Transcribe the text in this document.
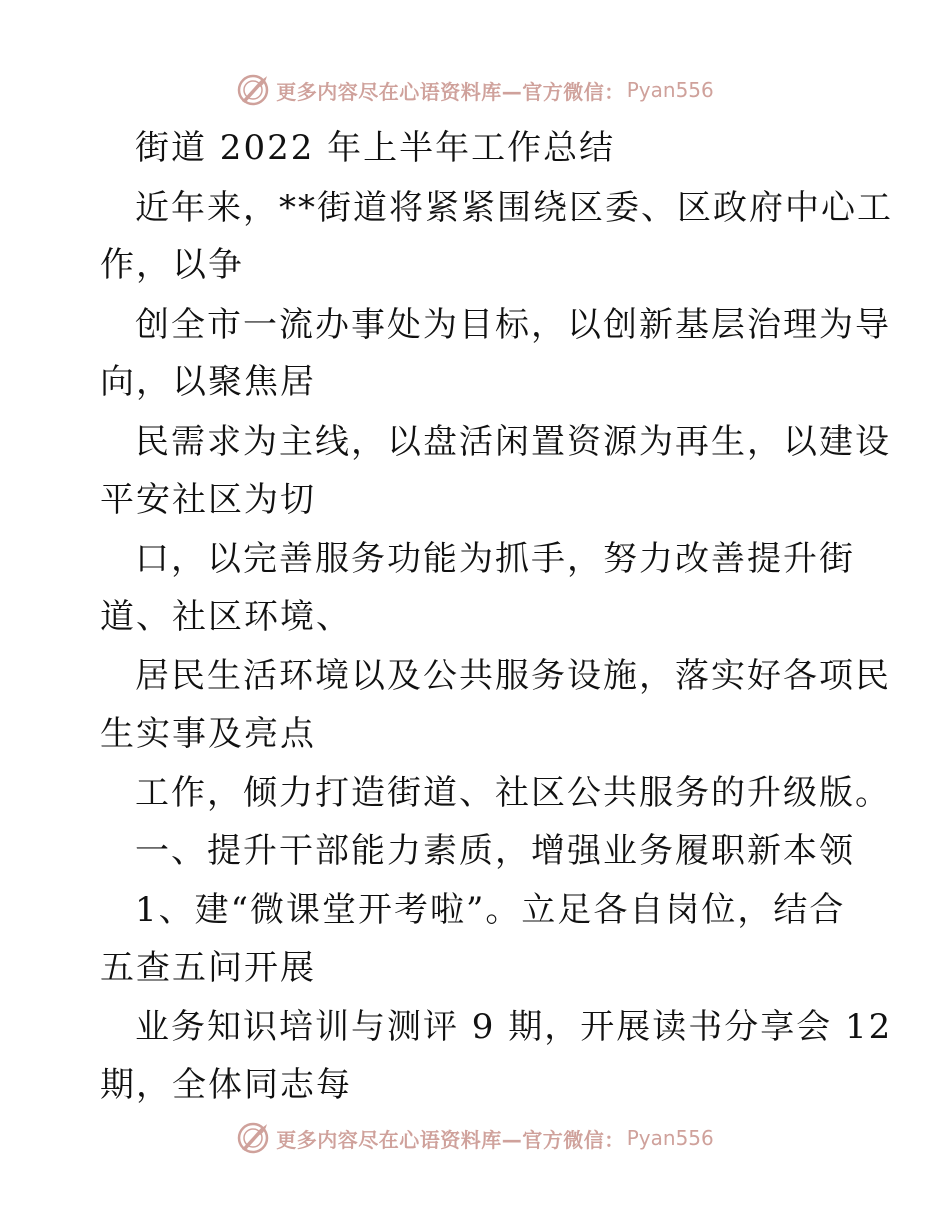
更多内容尽在心语资料库—官方微信： Pyan556
街道 2022 年上半年工作总结
近年来，**街道将紧紧围绕区委、区政府中心工
作，以争
创全市一流办事处为目标，以创新基层治理为导
向，以聚焦居
民需求为主线，以盘活闲置资源为再生，以建设
平安社区为切
口，以完善服务功能为抓手，努力改善提升街
道、社区环境、
居民生活环境以及公共服务设施，落实好各项民
生实事及亮点
工作，倾力打造街道、社区公共服务的升级版。
一、提升干部能力素质，增强业务履职新本领
1、建“微课堂开考啦”。立足各自岗位，结合
五查五问开展
业务知识培训与测评 9 期，开展读书分享会 12
期，全体同志每
更多内容尽在心语资料库—官方微信： Pyan556
